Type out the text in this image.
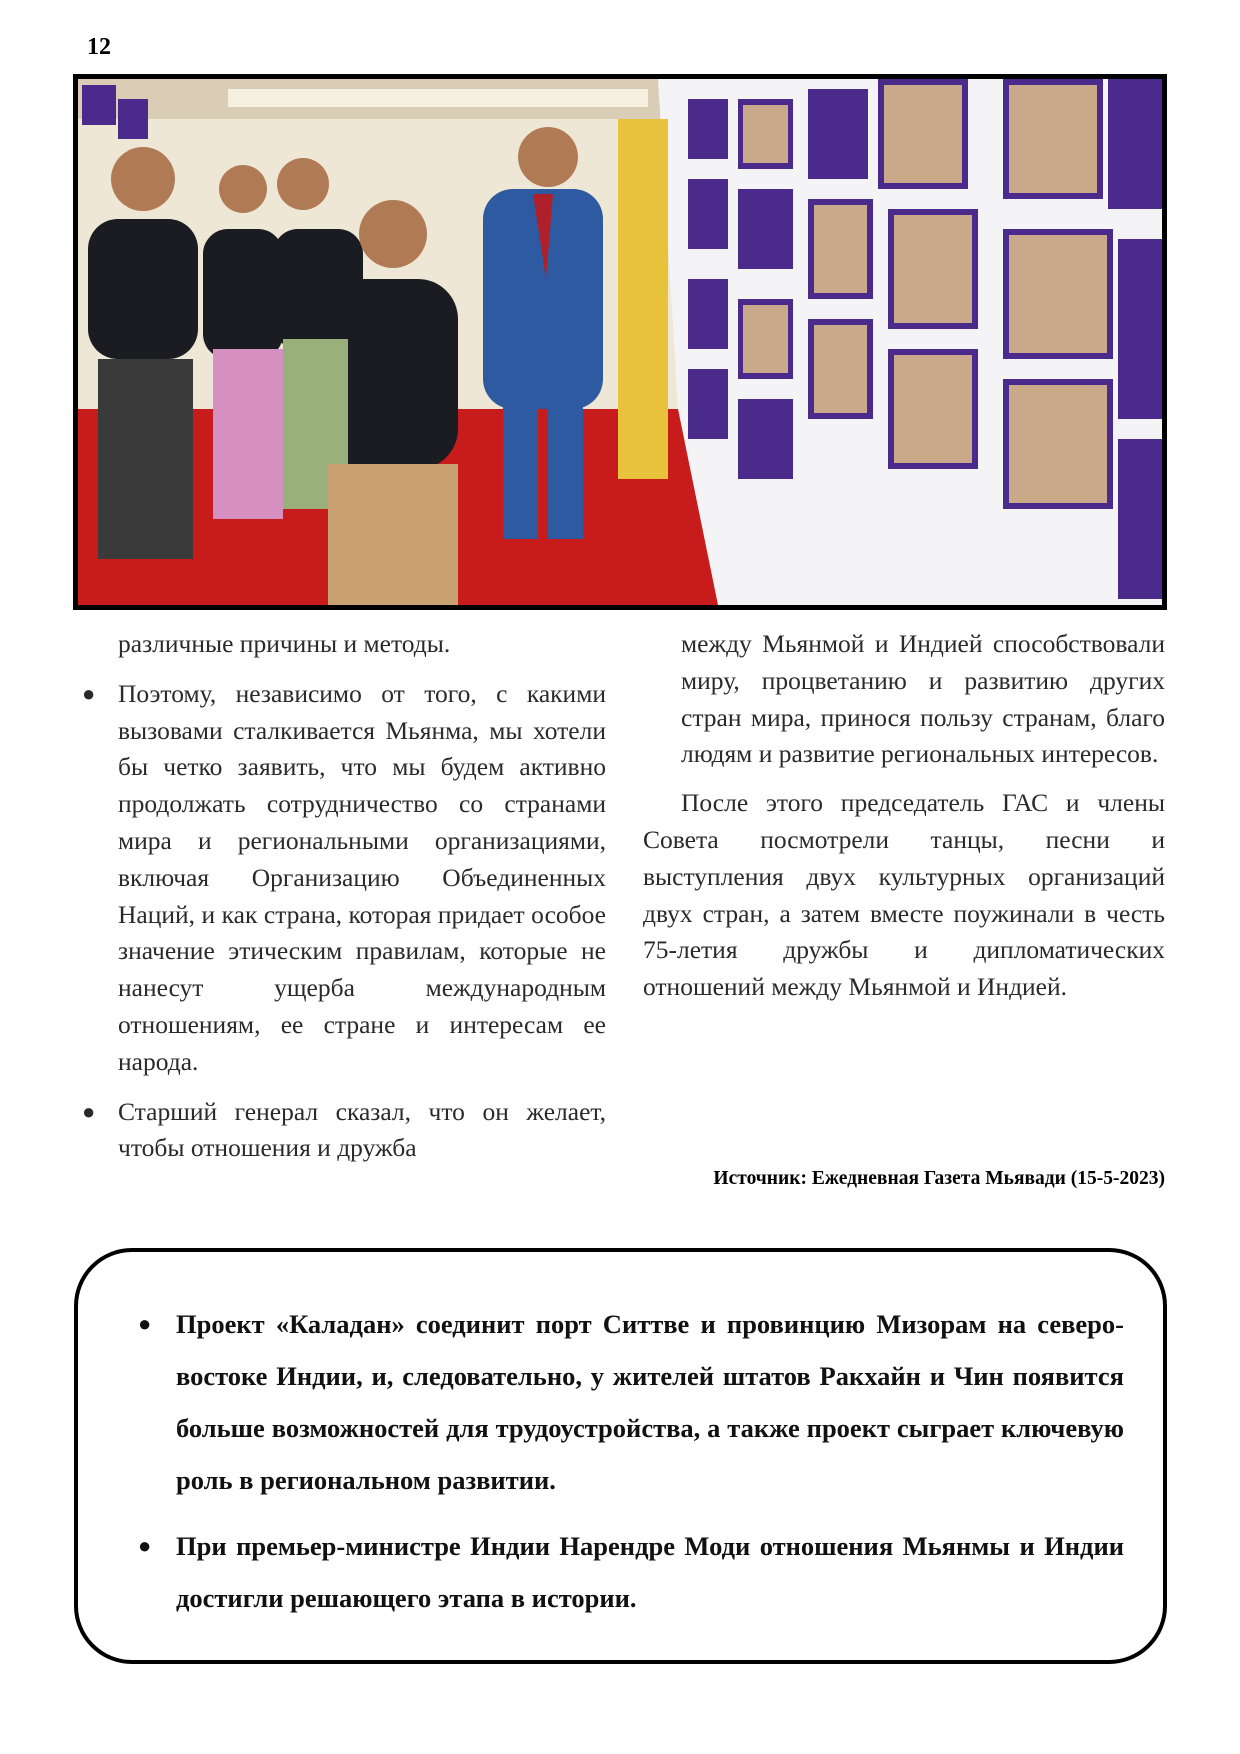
12

различные причины и методы.

● Поэтому, независимо от того, с какими вызовами сталкивается Мьянма, мы хотели бы четко заявить, что мы будем активно продолжать сотрудничество со странами мира и региональными организациями, включая Организацию Объединенных Наций, и как страна, которая придает особое значение этическим правилам, которые не нанесут ущерба международным отношениям, ее стране и интересам ее народа.

● Старший генерал сказал, что он желает, чтобы отношения и дружба

между Мьянмой и Индией способствовали миру, процветанию и развитию других стран мира, принося пользу странам, благо людям и развитие региональных интересов.

После этого председатель ГАС и члены Совета посмотрели танцы, песни и выступления двух культурных организаций двух стран, а затем вместе поужинали в честь 75-летия дружбы и дипломатических отношений между Мьянмой и Индией.

Источник: Ежедневная Газета Мьявади (15-5-2023)
● Проект «Каладан» соединит порт Ситтве и провинцию Мизорам на северо-востоке Индии, и, следовательно, у жителей штатов Ракхайн и Чин появится больше возможностей для трудоустройства, а также проект сыграет ключевую роль в региональном развитии.
● При премьер-министре Индии Нарендре Моди отношения Мьянмы и Индии достигли решающего этапа в истории.
